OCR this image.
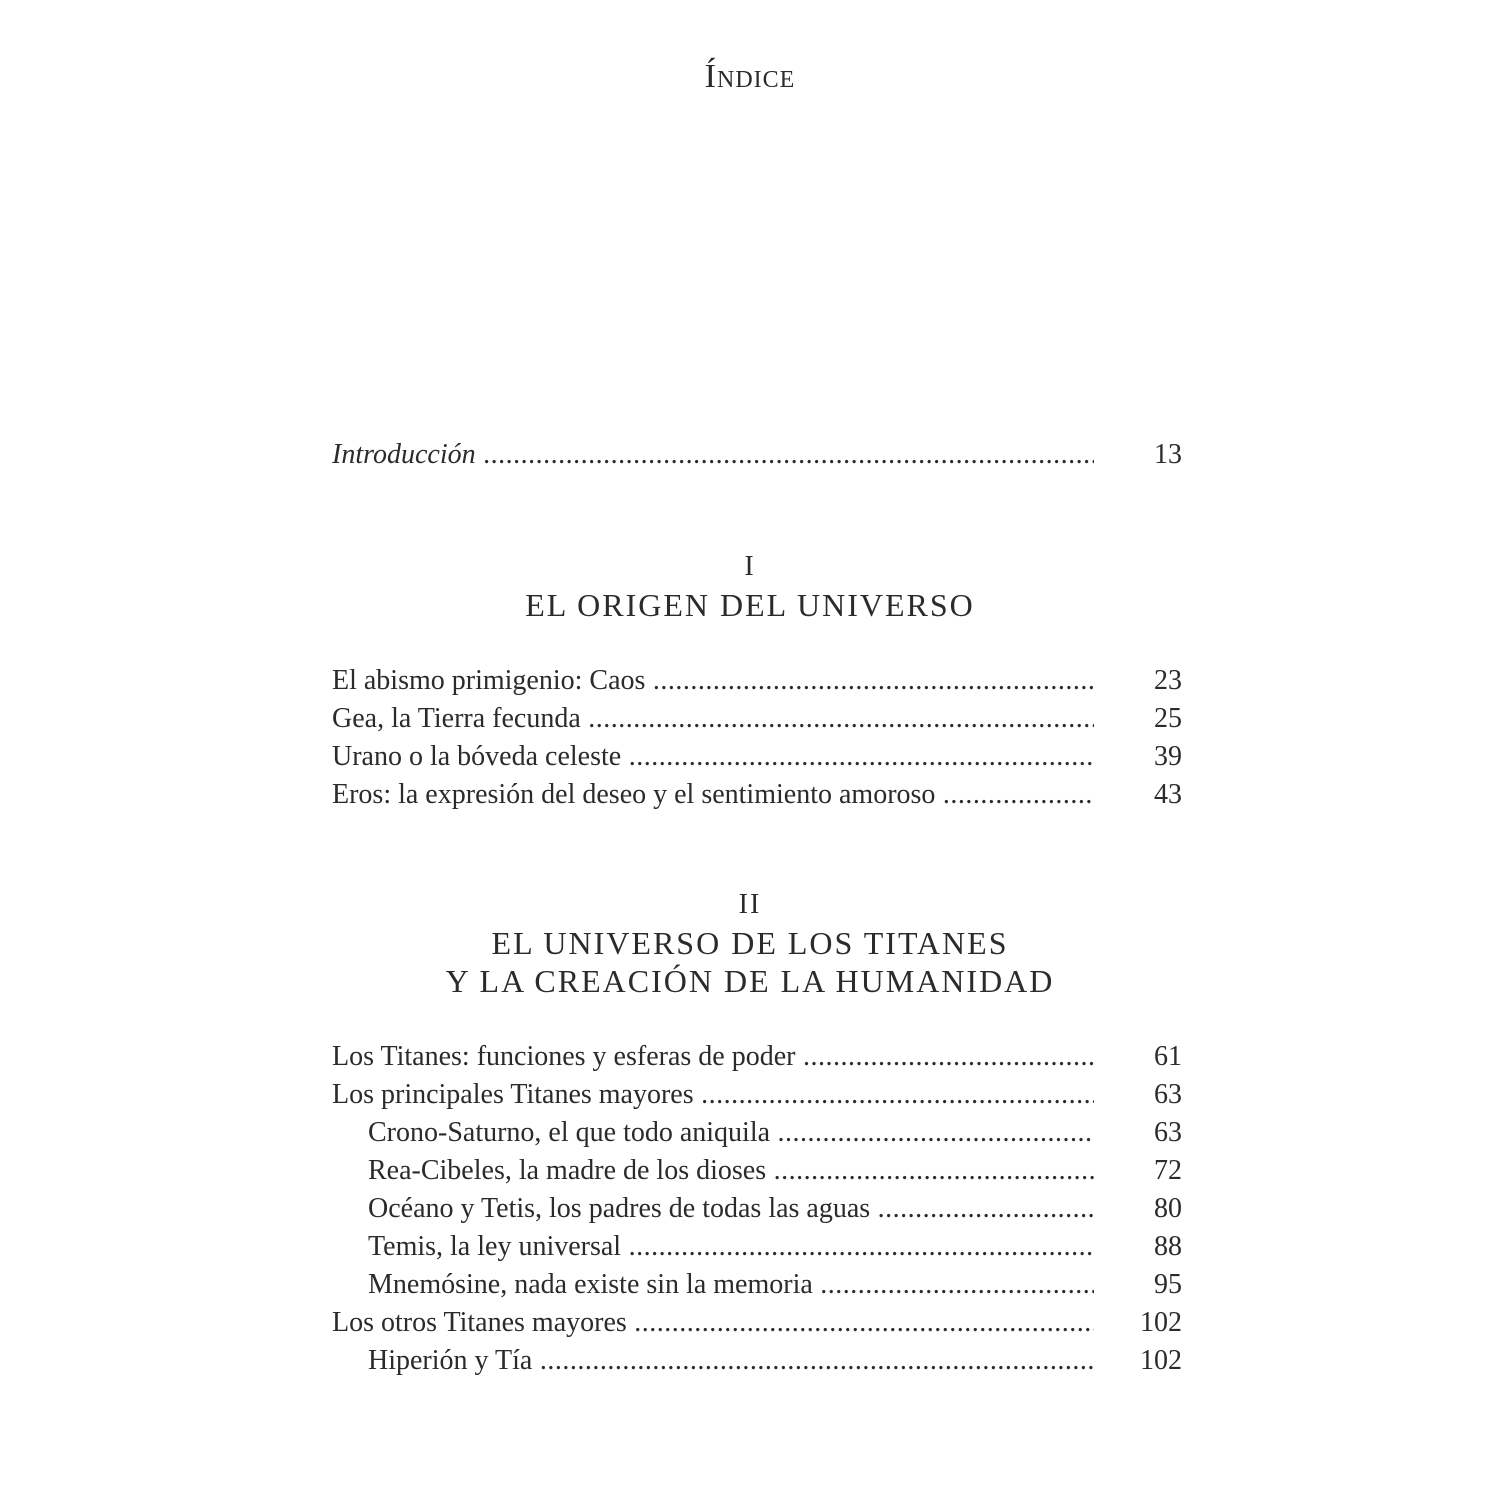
Índice
Introducción .....	13
I
EL ORIGEN DEL UNIVERSO
El abismo primigenio: Caos .....	23
Gea, la Tierra fecunda .....	25
Urano o la bóveda celeste .....	39
Eros: la expresión del deseo y el sentimiento amoroso .....	43
II
EL UNIVERSO DE LOS TITANES
Y LA CREACIÓN DE LA HUMANIDAD
Los Titanes: funciones y esferas de poder .....	61
Los principales Titanes mayores .....	63
Crono-Saturno, el que todo aniquila .....	63
Rea-Cibeles, la madre de los dioses .....	72
Océano y Tetis, los padres de todas las aguas .....	80
Temis, la ley universal .....	88
Mnemósine, nada existe sin la memoria .....	95
Los otros Titanes mayores .....	102
Hiperión y Tía .....	102
